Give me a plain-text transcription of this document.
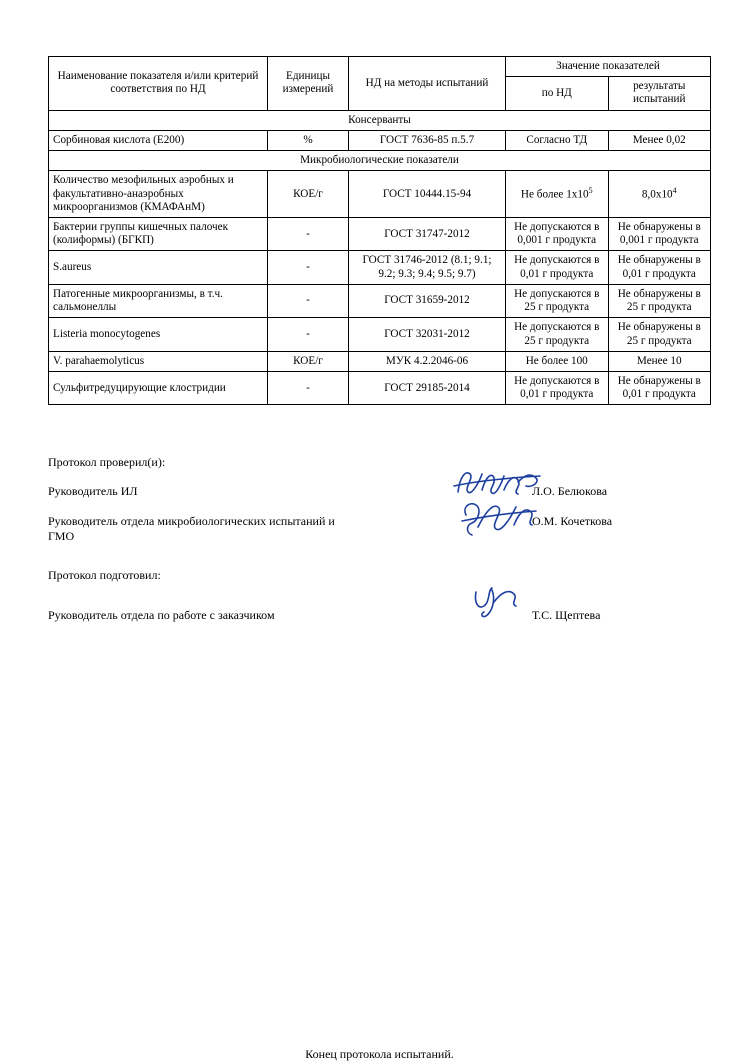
Наименование показателя и/или критерий соответствия по НД	Единицы измерений	НД на методы испытаний	Значение показателей	
			по НД	результаты испытаний
Консерванты				
Сорбиновая кислота (Е200)	%	ГОСТ 7636-85 п.5.7	Согласно ТД	Менее 0,02
Микробиологические показатели				
Количество мезофильных аэробных и факультативно-анаэробных микроорганизмов (КМАФАнМ)	КОЕ/г	ГОСТ 10444.15-94	Не более $1х10^5$	$8,0х10^4$
Бактерии группы кишечных палочек (колиформы) (БГКП)	-	ГОСТ 31747-2012	Не допускаются в 0,001 г продукта	Не обнаружены в 0,001 г продукта
S.aureus	-	ГОСТ 31746-2012 (8.1; 9.1; 9.2; 9.3; 9.4; 9.5; 9.7)	Не допускаются в 0,01 г продукта	Не обнаружены в 0,01 г продукта
Патогенные микроорганизмы, в т.ч. сальмонеллы	-	ГОСТ 31659-2012	Не допускаются в 25 г продукта	Не обнаружены в 25 г продукта
Listeria monocytogenes	-	ГОСТ 32031-2012	Не допускаются в 25 г продукта	Не обнаружены в 25 г продукта
V. parahaemolyticus	КОЕ/г	МУК 4.2.2046-06	Не более 100	Менее 10
Сульфитредуцирующие клостридии	-	ГОСТ 29185-2014	Не допускаются в 0,01 г продукта	Не обнаружены в 0,01 г продукта
Протокол проверил(и):
Руководитель ИЛ	Л.О. Белюкова
Руководитель отдела микробиологических испытаний и ГМО
О.М. Кочеткова
Протокол подготовил:
Руководитель отдела по работе с заказчиком	Т.С. Щептева
Конец протокола испытаний.
